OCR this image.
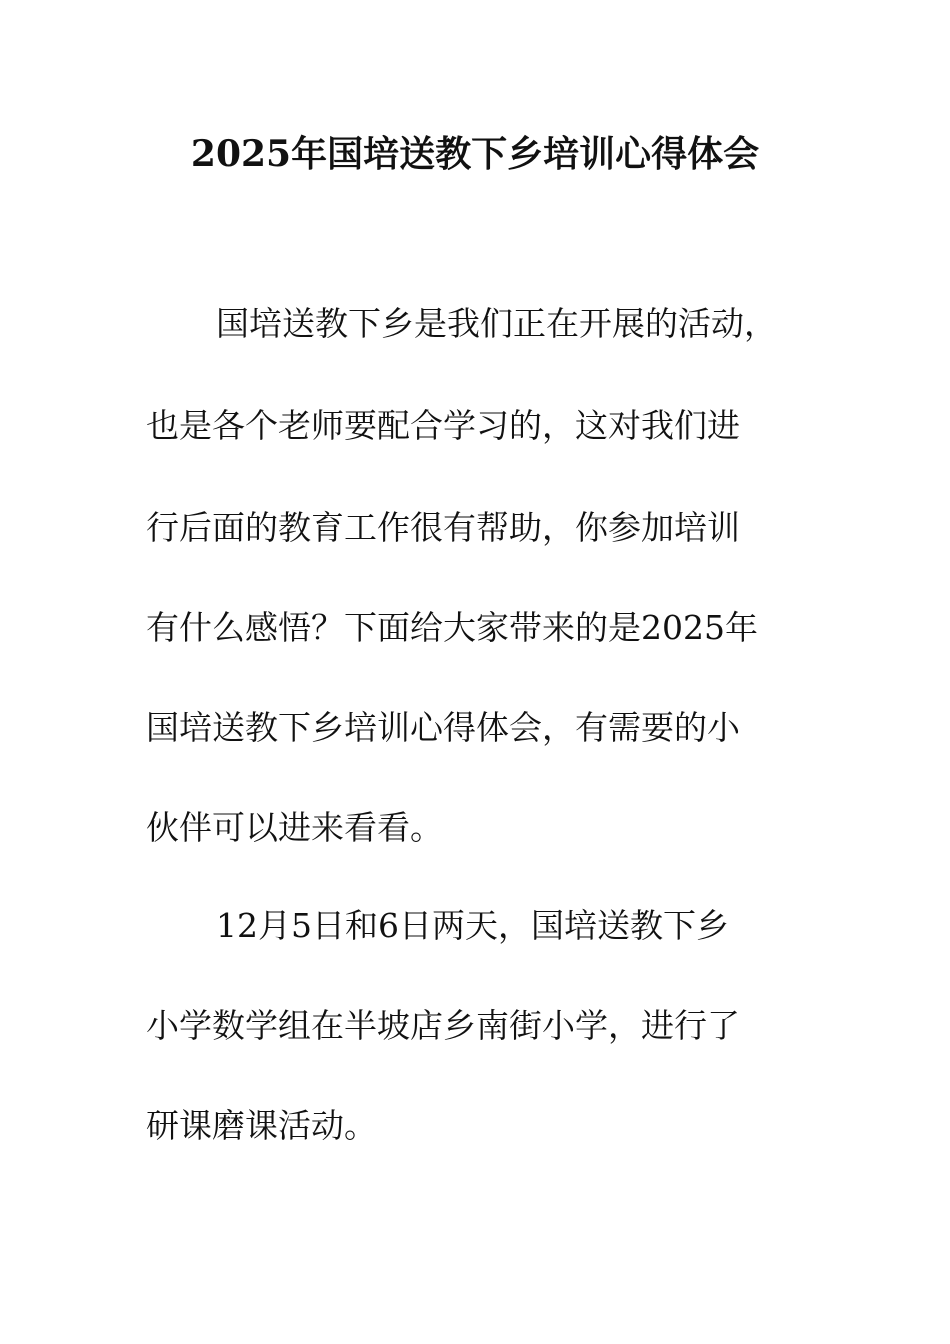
2025年国培送教下乡培训心得体会
国培送教下乡是我们正在开展的活动，
也是各个老师要配合学习的，这对我们进
行后面的教育工作很有帮助，你参加培训
有什么感悟？下面给大家带来的是2025年
国培送教下乡培训心得体会，有需要的小
伙伴可以进来看看。
12月5日和6日两天，国培送教下乡
小学数学组在半坡店乡南街小学，进行了
研课磨课活动。
